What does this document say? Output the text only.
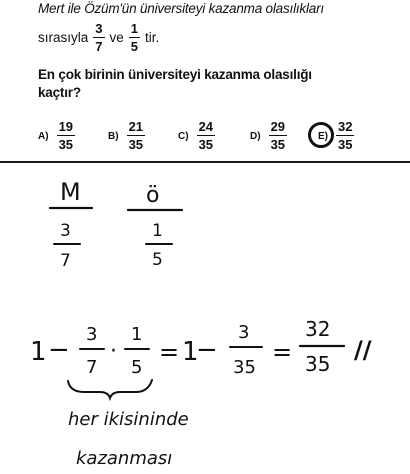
Mert ile Özüm'ün üniversiteyi kazanma olasılıkları
sırasıyla $\frac{3}{7}$ ve $\frac{1}{5}$ tir.
En çok birinin üniversiteyi kazanma olasılığı
kaçtır?
$A) \frac{19}{35}$	$B) \frac{21}{35}$	$C) \frac{24}{35}$	$D) \frac{29}{35}$	$E) \frac{32}{35}$
M
3
7
ö
1
5
1 −
3
7
·
1
5
= 1
−
3
35
=
32
35 //
her ikisininde
kazanması
